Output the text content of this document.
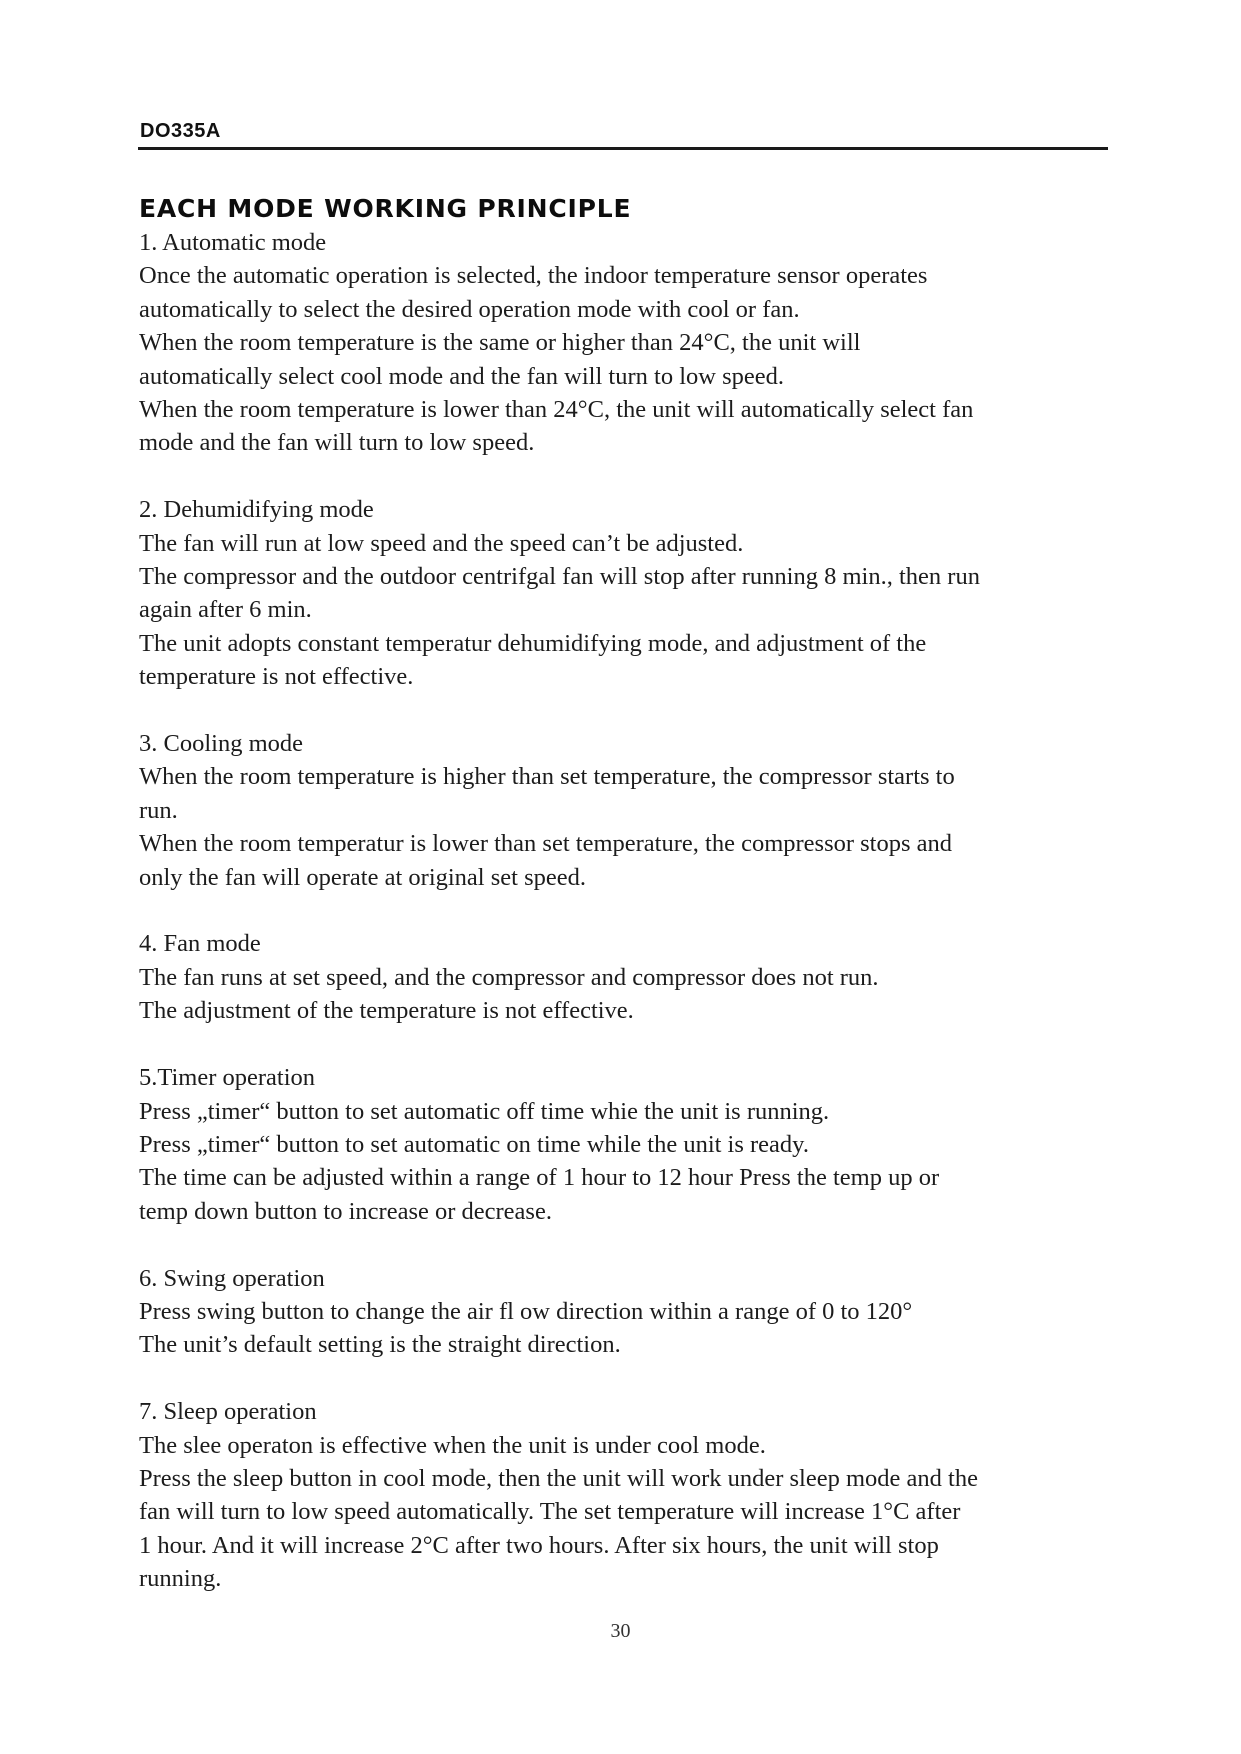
DO335A
EACH MODE WORKING PRINCIPLE
1. Automatic mode
Once the automatic operation is selected, the indoor temperature sensor operates
automatically to select the desired operation mode with cool or fan.
When the room temperature is the same or higher than 24°C, the unit will
automatically select cool mode and the fan will turn to low speed.
When the room temperature is lower than 24°C, the unit will automatically select fan
mode and the fan will turn to low speed.
2. Dehumidifying mode
The fan will run at low speed and the speed can’t be adjusted.
The compressor and the outdoor centrifgal fan will stop after running 8 min., then run
again after 6 min.
The unit adopts constant temperatur dehumidifying mode, and adjustment of the
temperature is not effective.
3. Cooling mode
When the room temperature is higher than set temperature, the compressor starts to
run.
When the room temperatur is lower than set temperature, the compressor stops and
only the fan will operate at original set speed.
4. Fan mode
The fan runs at set speed, and the compressor and compressor does not run.
The adjustment of the temperature is not effective.
5.Timer operation
Press „timer“ button to set automatic off time whie the unit is running.
Press „timer“ button to set automatic on time while the unit is ready.
The time can be adjusted within a range of 1 hour to 12 hour Press the temp up or
temp down button to increase or decrease.
6. Swing operation
Press swing button to change the air fl ow direction within a range of 0 to 120°
The unit’s default setting is the straight direction.
7. Sleep operation
The slee operaton is effective when the unit is under cool mode.
Press the sleep button in cool mode, then the unit will work under sleep mode and the
fan will turn to low speed automatically. The set temperature will increase 1°C after
1 hour. And it will increase 2°C after two hours. After six hours, the unit will stop
running.
30
